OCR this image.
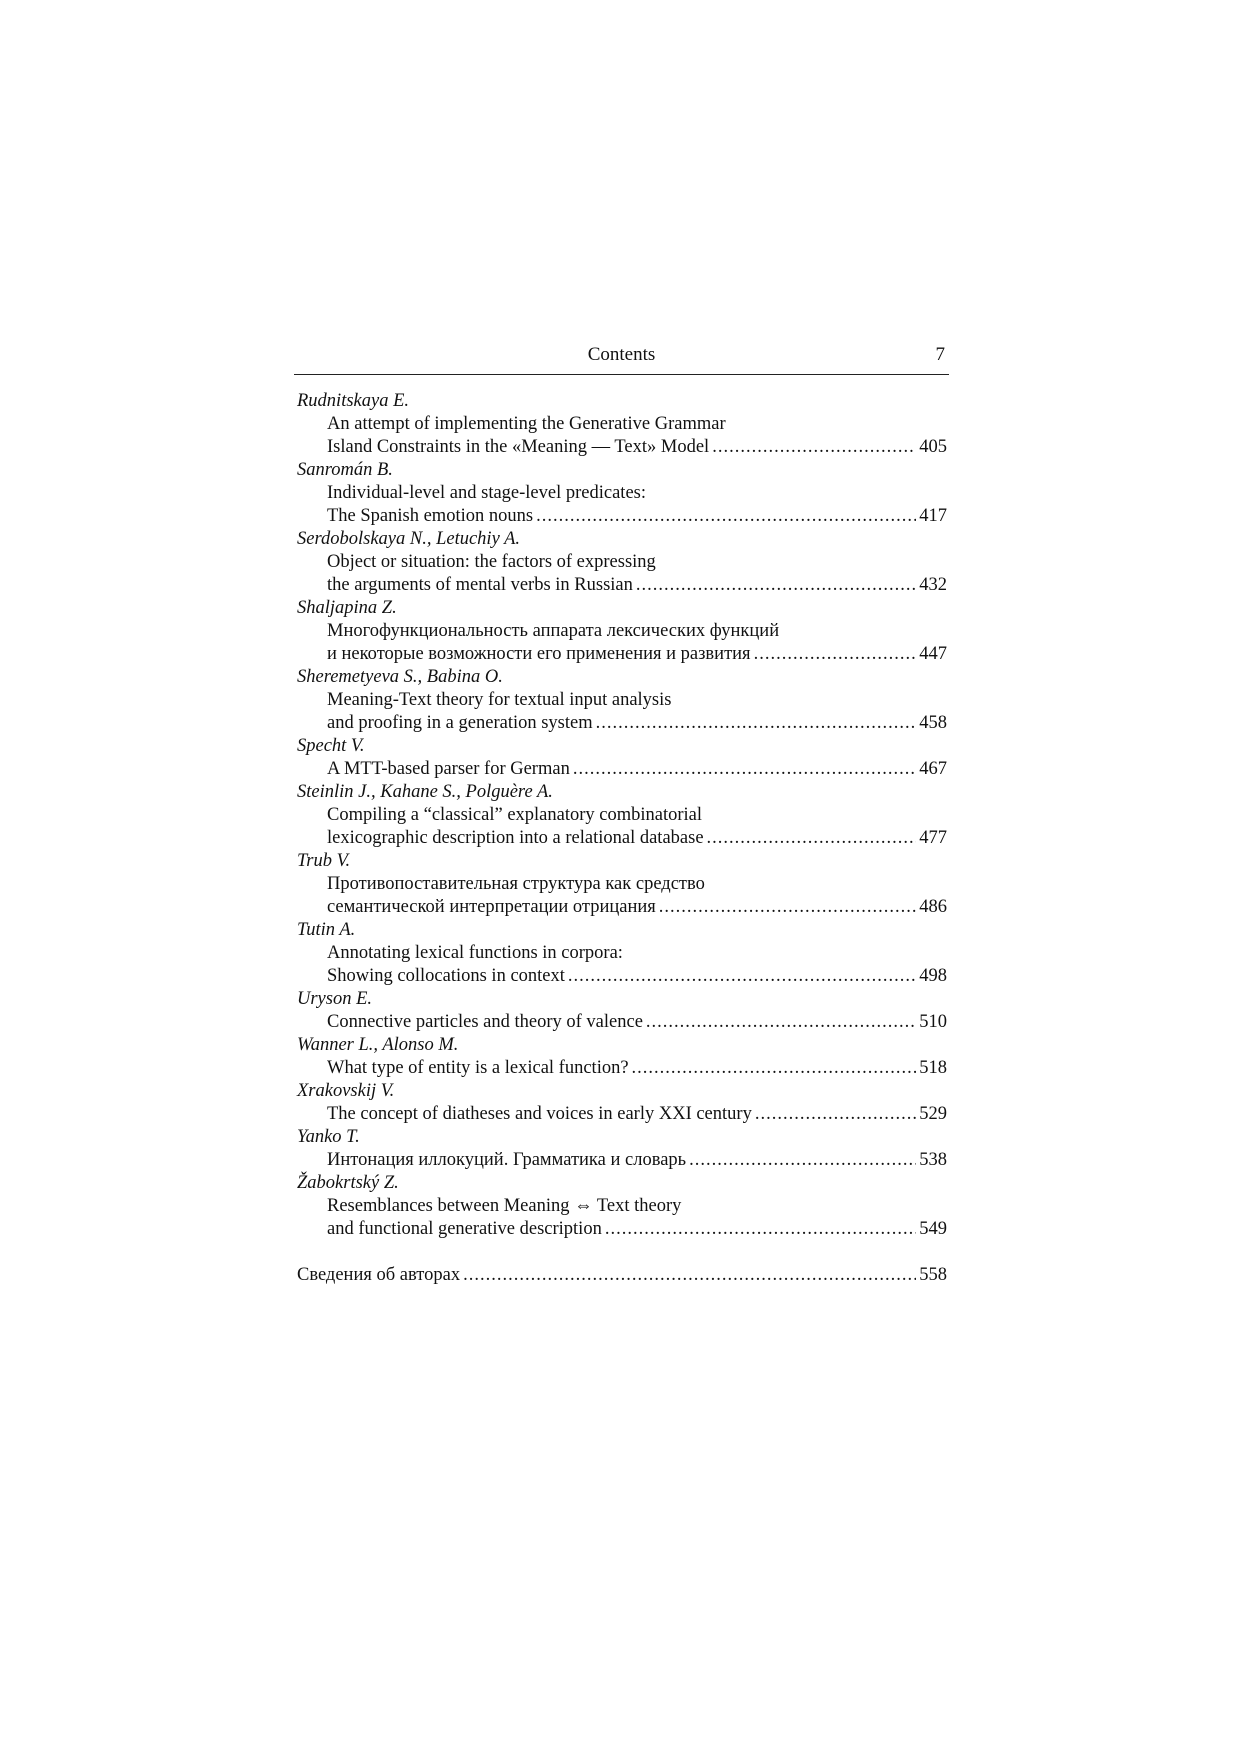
Contents	7
Rudnitskaya E.
An attempt of implementing the Generative Grammar
Island Constraints in the «Meaning — Text» Model .....	405
Sanromán B.
Individual-level and stage-level predicates:
The Spanish emotion nouns .....	417
Serdobolskaya N., Letuchiy A.
Object or situation: the factors of expressing
the arguments of mental verbs in Russian .....	432
Shaljapina Z.
Многофункциональность аппарата лексических функций
и некоторые возможности его применения и развития .....	447
Sheremetyeva S., Babina O.
Meaning-Text theory for textual input analysis
and proofing in a generation system .....	458
Specht V.
A MTT-based parser for German .....	467
Steinlin J., Kahane S., Polguère A.
Compiling a “classical” explanatory combinatorial
lexicographic description into a relational database .....	477
Trub V.
Противопоставительная структура как средство
семантической интерпретации отрицания .....	486
Tutin A.
Annotating lexical functions in corpora:
Showing collocations in context .....	498
Uryson E.
Connective particles and theory of valence .....	510
Wanner L., Alonso M.
What type of entity is a lexical function? .....	518
Xrakovskij V.
The concept of diatheses and voices in early XXI century .....	529
Yanko T.
Интонация иллокуций. Грамматика и словарь .....	538
Žabokrtský Z.
Resemblances between Meaning ⇔ Text theory
and functional generative description .....	549
Сведения об авторах .....	558
